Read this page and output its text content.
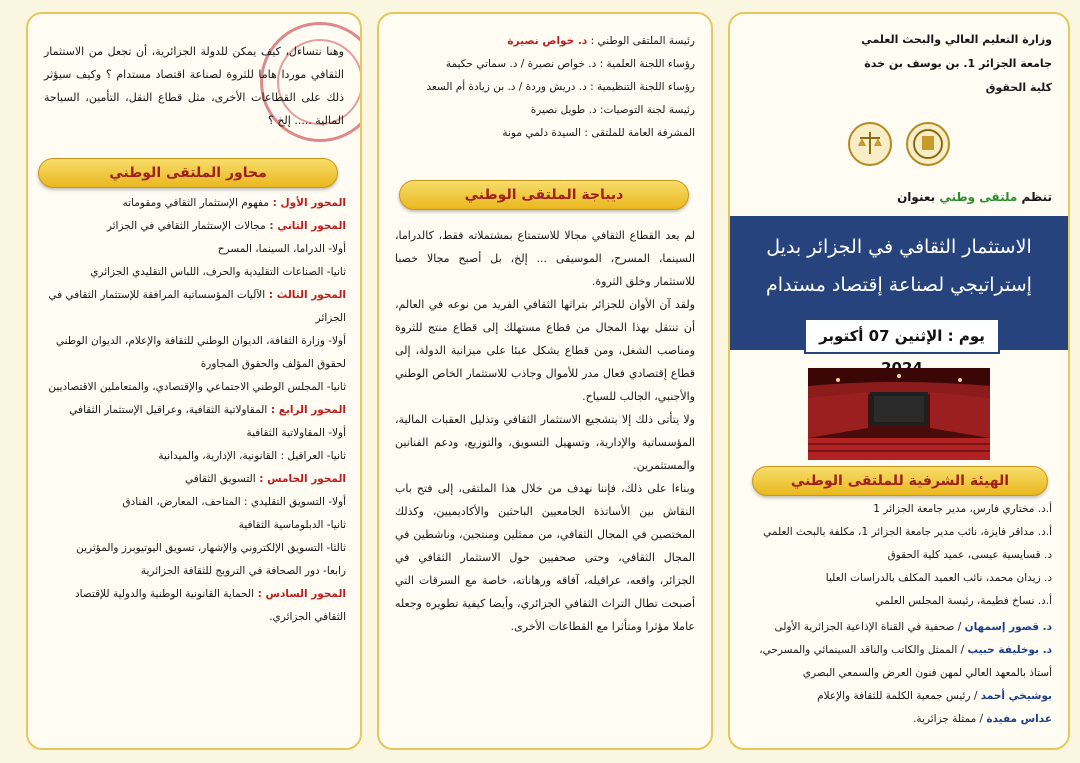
وزارة التعليم العالي والبحث العلمي
جامعة الجزائر 1. بن يوسف بن خدة
كلية الحقوق
تنظم ملتقى وطني بعنوان
الاستثمار الثقافي في الجزائر بديل
إستراتيجي لصناعة إقتصاد مستدام
يوم : الإثنين 07 أكتوبر
الهيئة الشرفية للملتقى الوطني
أ.د. مختاري فارس، مدير جامعة الجزائر 1
أ.د. مداقر فايزة، نائب مدير جامعة الجزائر 1، مكلفة بالبحث العلمي
د. قسايسية عيسى، عميد كلية الحقوق
د. زيدان محمد، نائب العميد المكلف بالدراسات العليا
أ.د. نساخ فطيمة، رئيسة المجلس العلمي
د. قصور إسمهان / صحفية في القناة الإذاعية الجزائرية الأولى
د. بوخليفة حبيب / الممثل والكاتب والناقد السينمائي والمسرحي،
أستاذ بالمعهد العالي لمهن فنون العرض والسمعي البصري
بوشيخي أحمد / رئيس جمعية الكلمة للثقافة والإعلام
عداس مفيدة / ممثلة جزائرية.
رئيسة الملتقى الوطني : د. خواص نصيرة
رؤساء اللجنة العلمية : د. خواص نصيرة / د. سماتي حكيمة
رؤساء اللجنة التنظيمية : د. دريش وردة / د. بن زيادة أم السعد
رئيسة لجنة التوصيات: د. طويل نصيرة
المشرفة العامة للملتقى : السيدة دلمي مونة
ديباجة الملتقى الوطني

لم يعد القطاع الثقافي مجالا للاستمتاع بمشتملاته فقط، كالدراما، السينما، المسرح، الموسيقى ... إلخ، بل أصبح مجالا خصبا للاستثمار وخلق الثروة.

ولقد آن الأوان للجزائر بتراثها الثقافي الفريد من نوعه في العالم، أن تنتقل بهذا المجال من قطاع مستهلك إلى قطاع منتج للثروة ومناصب الشغل، ومن قطاع يشكل عبئا على ميزانية الدولة، إلى قطاع إقتصادي فعال مدر للأموال وجاذب للاستثمار الخاص الوطني والأجنبي، الجالب للسياح.

ولا يتأتى ذلك إلا بتشجيع الاستثمار الثقافي وتذليل العقبات المالية، المؤسساتية والإدارية، وتسهيل التسويق، والتوزيع، ودعم الفنانين والمستثمرين.

وبناءا على ذلك، فإننا نهدف من خلال هذا الملتقى، إلى فتح باب النقاش بين الأساتذة الجامعيين الباحثين والأكاديميين، وكذلك المختصين في المجال الثقافي، من ممثلين ومنتجين، وناشطين في المجال الثقافي، وحتى صحفيين حول الاستثمار الثقافي في الجزائر، واقعه، عراقيله، آفاقه ورهاناته، خاصة مع السرقات التي أصبحت تطال التراث الثقافي الجزائري، وأيضا كيفية تطويره وجعله عاملا مؤثرا ومتأثرا مع القطاعات الأخرى.

وهنا نتساءل، كيف يمكن للدولة الجزائرية، أن تجعل من الاستثمار الثقافي موردا هاما للثروة لصناعة اقتصاد مستدام ؟ وكيف سيؤثر ذلك على القطاعات الأخرى، مثل قطاع النقل، التأمين، السياحة المالية ..... إلخ ؟

محاور الملتقى الوطني
المحور الأول : مفهوم الإستثمار الثقافي ومقوماته
المحور الثاني : مجالات الإستثمار الثقافي في الجزائر
أولا- الدراما، السينما، المسرح
ثانيا- الصناعات التقليدية والحرف، اللباس التقليدي الجزائري
المحور الثالث : الآليات المؤسساتية المرافقة للإستثمار الثقافي في الجزائر
أولا- وزارة الثقافة، الديوان الوطني للثقافة والإعلام، الديوان الوطني لحقوق المؤلف والحقوق المجاورة
ثانيا- المجلس الوطني الاجتماعي والإقتصادي، والمتعاملين الاقتصاديين
المحور الرابع : المقاولاتية الثقافية، وعراقيل الإستثمار الثقافي
أولا- المقاولاتية الثقافية
ثانيا- العراقيل : القانونية، الإدارية، والميدانية
المحور الخامس : التسويق الثقافي
أولا- التسويق التقليدي : المتاحف، المعارض، الفنادق
ثانيا- الدبلوماسية الثقافية
ثالثا- التسويق الإلكتروني والإشهار، تسويق اليوتيوبرز والمؤثرين
رابعا- دور الصحافة في الترويج للثقافة الجزائرية
المحور السادس : الحماية القانونية الوطنية والدولية للإقتصاد الثقافي الجزائري.
